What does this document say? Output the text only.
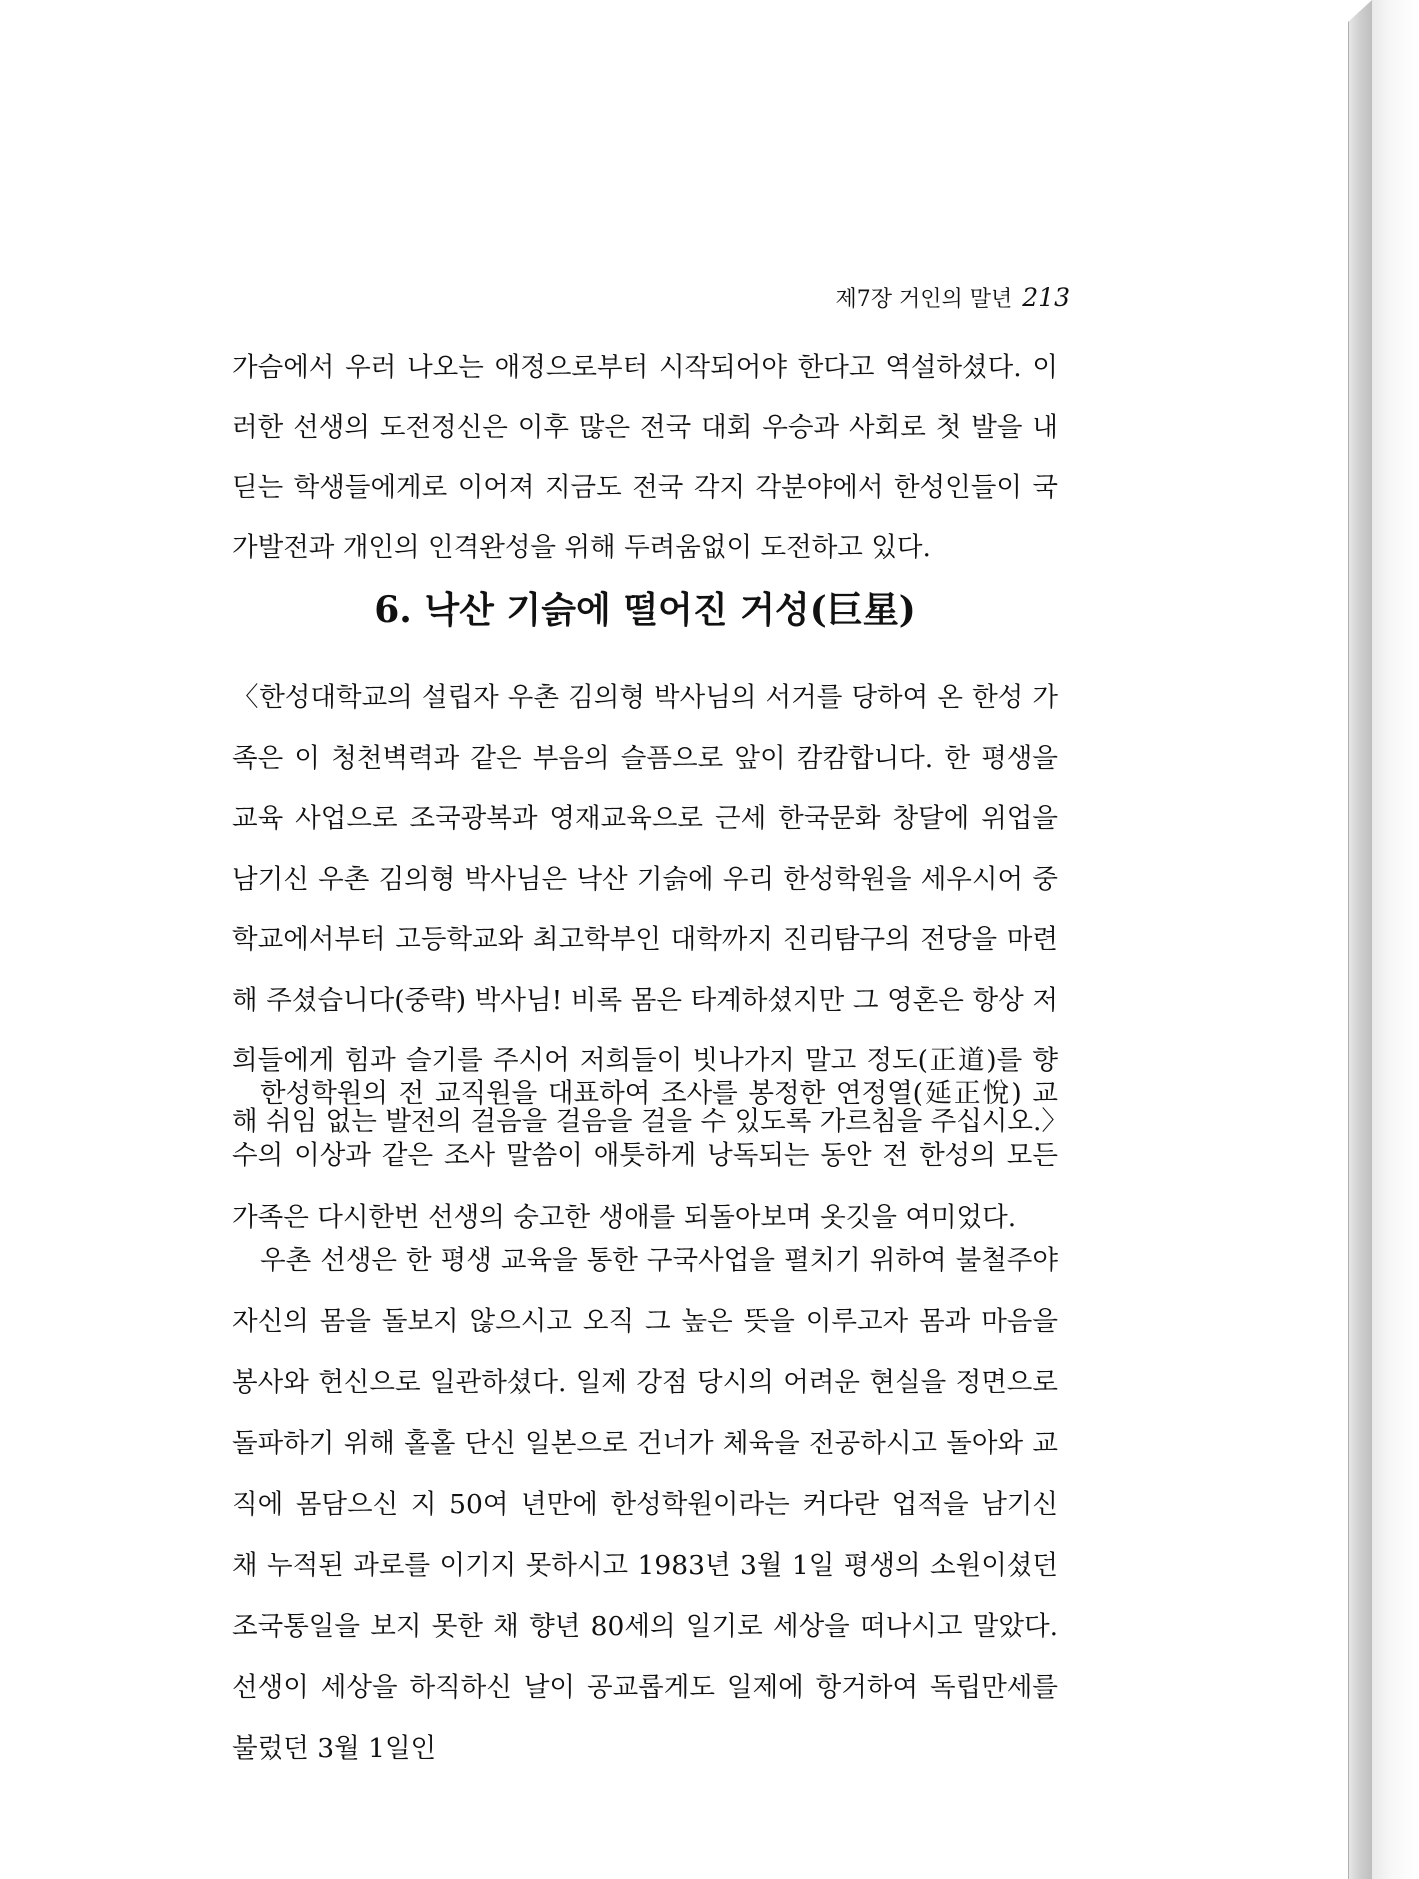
제7장 거인의 말년 213

가슴에서 우러 나오는 애정으로부터 시작되어야 한다고 역설하셨다. 이러한 선생의 도전정신은 이후 많은 전국 대회 우승과 사회로 첫 발을 내딛는 학생들에게로 이어져 지금도 전국 각지 각분야에서 한성인들이 국가발전과 개인의 인격완성을 위해 두려움없이 도전하고 있다.

6. 낙산 기슭에 떨어진 거성(巨星)

〈한성대학교의 설립자 우촌 김의형 박사님의 서거를 당하여 온 한성 가족은 이 청천벽력과 같은 부음의 슬픔으로 앞이 캄캄합니다. 한 평생을 교육 사업으로 조국광복과 영재교육으로 근세 한국문화 창달에 위업을 남기신 우촌 김의형 박사님은 낙산 기슭에 우리 한성학원을 세우시어 중학교에서부터 고등학교와 최고학부인 대학까지 진리탐구의 전당을 마련해 주셨습니다(중략) 박사님! 비록 몸은 타계하셨지만 그 영혼은 항상 저희들에게 힘과 슬기를 주시어 저희들이 빗나가지 말고 정도(正道)를 향해 쉬임 없는 발전의 걸음을 걸음을 걸을 수 있도록 가르침을 주십시오.〉

한성학원의 전 교직원을 대표하여 조사를 봉정한 연정열(延正悅) 교수의 이상과 같은 조사 말씀이 애틋하게 낭독되는 동안 전 한성의 모든 가족은 다시한번 선생의 숭고한 생애를 되돌아보며 옷깃을 여미었다.

우촌 선생은 한 평생 교육을 통한 구국사업을 펼치기 위하여 불철주야 자신의 몸을 돌보지 않으시고 오직 그 높은 뜻을 이루고자 몸과 마음을 봉사와 헌신으로 일관하셨다. 일제 강점 당시의 어려운 현실을 정면으로 돌파하기 위해 홀홀 단신 일본으로 건너가 체육을 전공하시고 돌아와 교직에 몸담으신 지 50여 년만에 한성학원이라는 커다란 업적을 남기신 채 누적된 과로를 이기지 못하시고 1983년 3월 1일 평생의 소원이셨던 조국통일을 보지 못한 채 향년 80세의 일기로 세상을 떠나시고 말았다. 선생이 세상을 하직하신 날이 공교롭게도 일제에 항거하여 독립만세를 불렀던 3월 1일인
